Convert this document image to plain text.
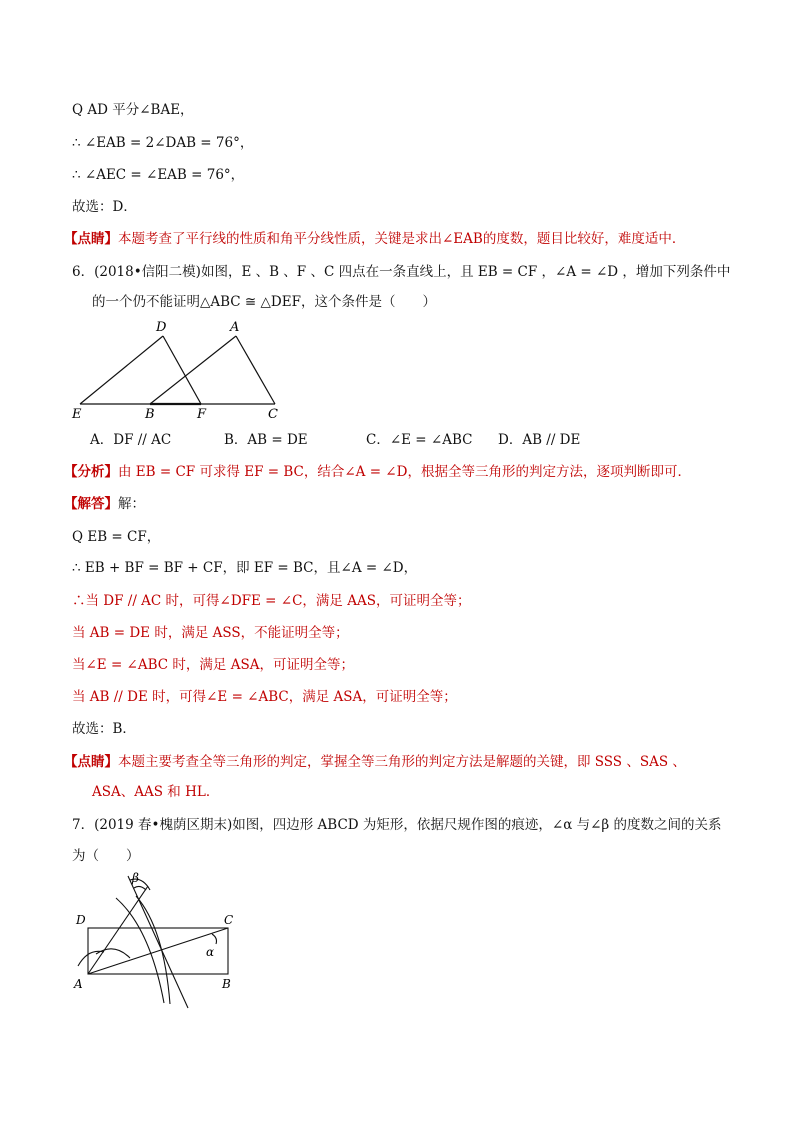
Q AD 平分∠BAE，
∴ ∠EAB = 2∠DAB = 76°，
∴ ∠AEC = ∠EAB = 76°，
故选：D．
【点睛】本题考查了平行线的性质和角平分线性质，关键是求出∠EAB的度数，题目比较好，难度适中．
6．(2018•信阳二模)如图，E 、B 、F 、C 四点在一条直线上，且 EB = CF ，∠A = ∠D ，增加下列条件中
的一个仍不能证明△ABC ≅ △DEF，这个条件是（　　）
D	A
E	B	F	C
A．DF // AC	B．AB = DE	C．∠E = ∠ABC D．AB // DE
【分析】由 EB = CF 可求得 EF = BC，结合∠A = ∠D，根据全等三角形的判定方法，逐项判断即可．
【解答】解：
Q EB = CF，
∴ EB + BF = BF + CF，即 EF = BC，且∠A = ∠D，
∴当 DF // AC 时，可得∠DFE = ∠C，满足 AAS，可证明全等；
当 AB = DE 时，满足 ASS，不能证明全等；
当∠E = ∠ABC 时，满足 ASA，可证明全等；
当 AB // DE 时，可得∠E = ∠ABC，满足 ASA，可证明全等；
故选：B．
【点睛】本题主要考查全等三角形的判定，掌握全等三角形的判定方法是解题的关键，即 SSS 、SAS 、
ASA、AAS 和 HL．
7．(2019 春•槐荫区期末)如图，四边形 ABCD 为矩形，依据尺规作图的痕迹，∠α 与∠β 的度数之间的关系
为（　　）
β
D	C
α
A	B
